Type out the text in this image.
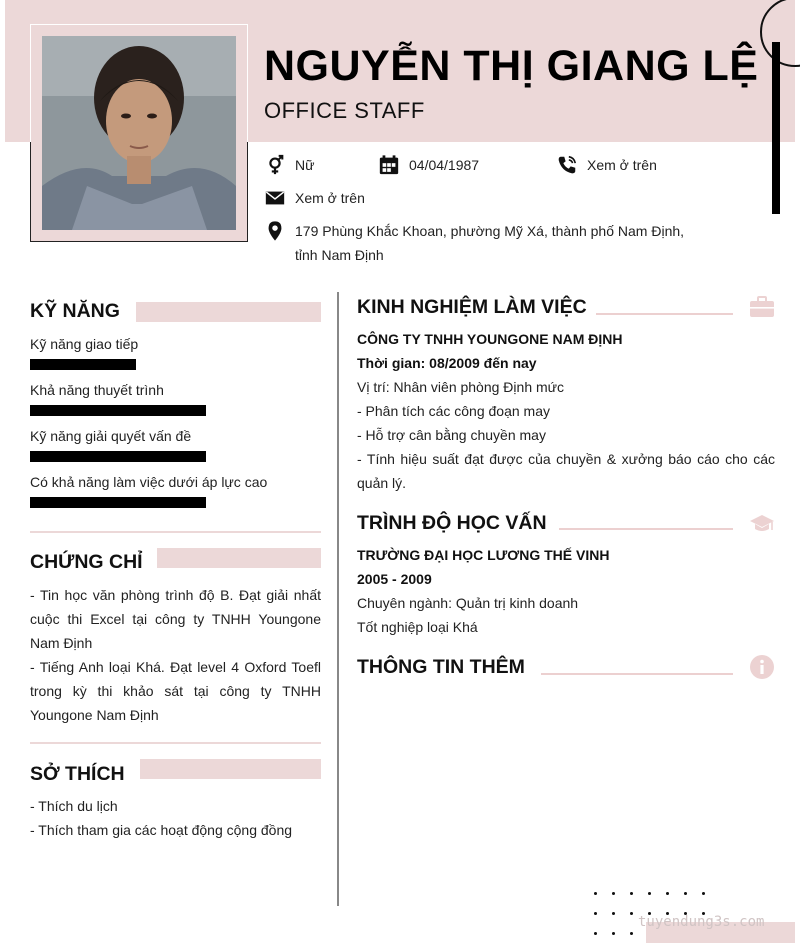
NGUYỄN THỊ GIANG LỆ
OFFICE STAFF
Nữ	04/04/1987	Xem ở trên
Xem ở trên
179 Phùng Khắc Khoan, phường Mỹ Xá, thành phố Nam Định,
tỉnh Nam Định
KỸ NĂNG
Kỹ năng giao tiếp
Khả năng thuyết trình
Kỹ năng giải quyết vấn đề
Có khả năng làm việc dưới áp lực cao
CHỨNG CHỈ
- Tin học văn phòng trình độ B. Đạt giải nhất cuộc thi Excel tại công ty TNHH Youngone Nam Định
- Tiếng Anh loại Khá. Đạt level 4 Oxford Toefl trong kỳ thi khảo sát tại công ty TNHH Youngone Nam Định
SỞ THÍCH
- Thích du lịch
- Thích tham gia các hoạt động cộng đồng
KINH NGHIỆM LÀM VIỆC
CÔNG TY TNHH YOUNGONE NAM ĐỊNH
Thời gian: 08/2009 đến nay
Vị trí: Nhân viên phòng Định mức
- Phân tích các công đoạn may
- Hỗ trợ cân bằng chuyền may
- Tính hiệu suất đạt được của chuyền & xưởng báo cáo cho các quản lý.
TRÌNH ĐỘ HỌC VẤN
TRƯỜNG ĐẠI HỌC LƯƠNG THẾ VINH
2005 - 2009
Chuyên ngành: Quản trị kinh doanh
Tốt nghiệp loại Khá
THÔNG TIN THÊM
tuyendung3s.com
